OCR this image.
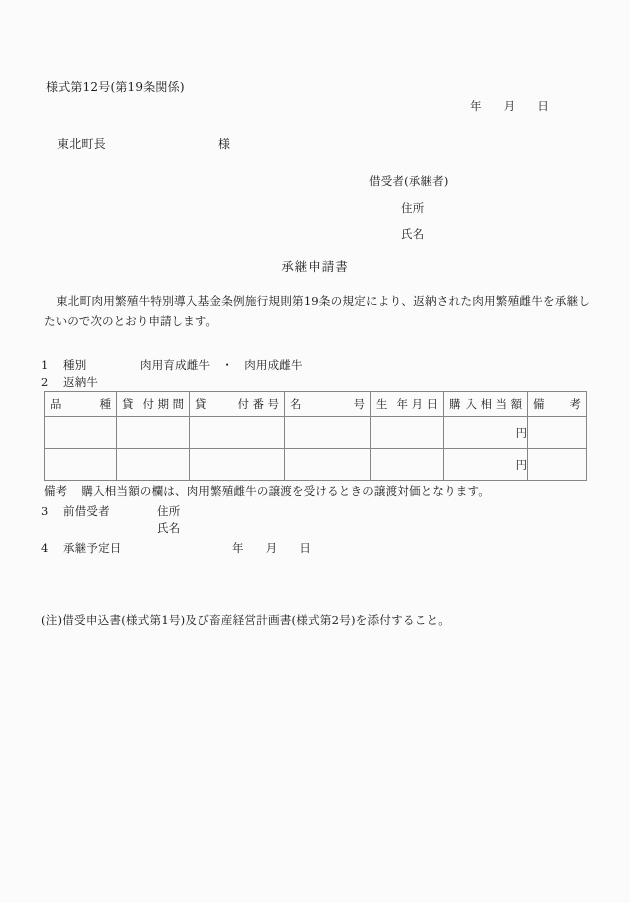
様式第12号(第19条関係)
年 月 日
東北町長	様
借受者(承継者)
住所
氏名
承継申請書
東北町肉用繁殖牛特別導入基金条例施行規則第19条の規定により、返納された肉用繁殖雌牛を承継したいので次のとおり申請します。
1 種別	肉用育成雌牛 ・ 肉用成雌牛
2 返納牛
品 種	貸 付 期 間	貸 付 番 号	名 号	生 年 月 日	購 入 相 当 額	備 考

					円	
					円	
備考 購入相当額の欄は、肉用繁殖雌牛の譲渡を受けるときの譲渡対価となります。
3 前借受者	住所
氏名
4 承継予定日	年 月 日
(注)借受申込書(様式第1号)及び畜産経営計画書(様式第2号)を添付すること。
